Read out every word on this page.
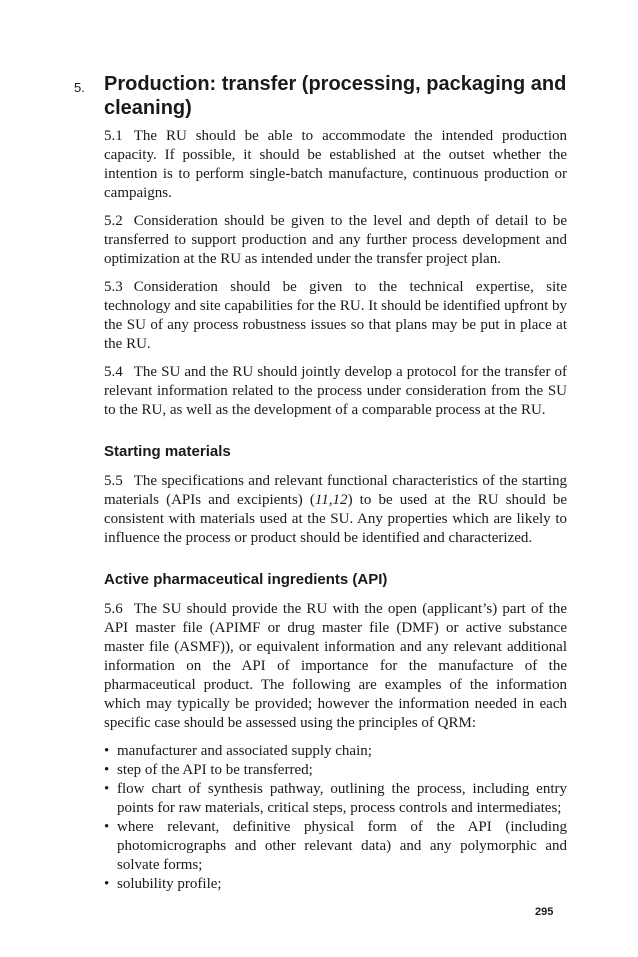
5. Production: transfer (processing, packaging and cleaning)

5.1 The RU should be able to accommodate the intended production capacity. If possible, it should be established at the outset whether the intention is to perform single-batch manufacture, continuous production or campaigns.

5.2 Consideration should be given to the level and depth of detail to be transferred to support production and any further process development and optimization at the RU as intended under the transfer project plan.

5.3 Consideration should be given to the technical expertise, site technology and site capabilities for the RU. It should be identified upfront by the SU of any process robustness issues so that plans may be put in place at the RU.

5.4 The SU and the RU should jointly develop a protocol for the transfer of relevant information related to the process under consideration from the SU to the RU, as well as the development of a comparable process at the RU.

Starting materials

5.5 The specifications and relevant functional characteristics of the starting materials (APIs and excipients) (11,12) to be used at the RU should be consistent with materials used at the SU. Any properties which are likely to influence the process or product should be identified and characterized.

Active pharmaceutical ingredients (API)

5.6 The SU should provide the RU with the open (applicant’s) part of the API master file (APIMF or drug master file (DMF) or active substance master file (ASMF)), or equivalent information and any relevant additional information on the API of importance for the manufacture of the pharmaceutical product. The following are examples of the information which may typically be provided; however the information needed in each specific case should be assessed using the principles of QRM:

• manufacturer and associated supply chain;
• step of the API to be transferred;
• flow chart of synthesis pathway, outlining the process, including entry points for raw materials, critical steps, process controls and intermediates;
• where relevant, definitive physical form of the API (including photomicrographs and other relevant data) and any polymorphic and solvate forms;
• solubility profile;
295
